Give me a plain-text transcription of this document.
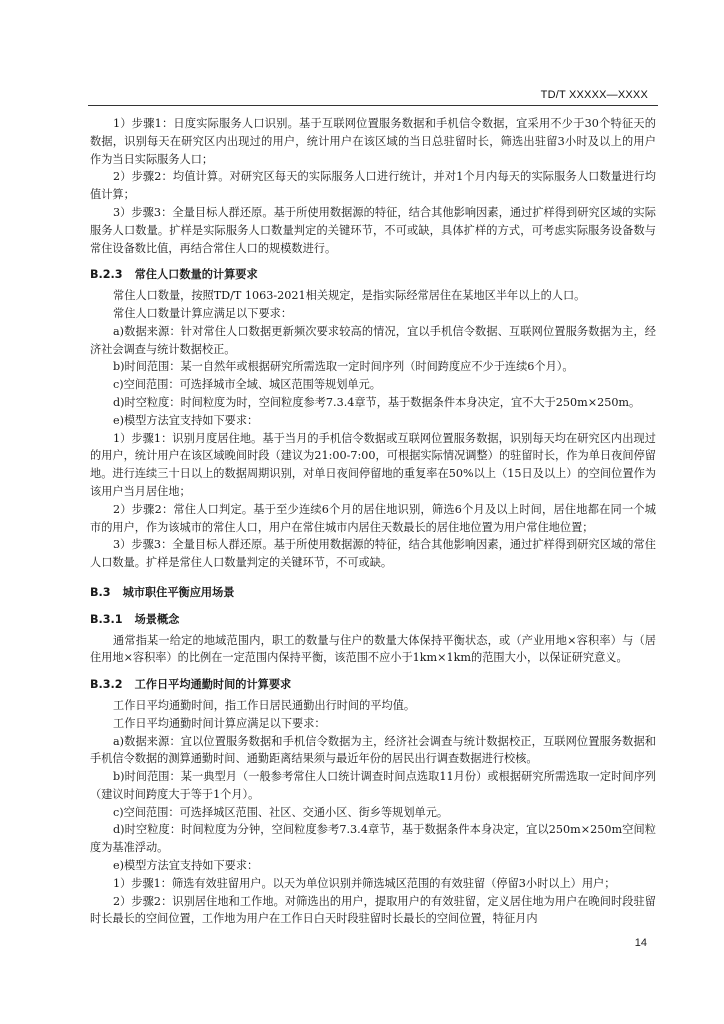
TD/T XXXXX—XXXX

1）步骤1：日度实际服务人口识别。基于互联网位置服务数据和手机信令数据，宜采用不少于30个特征天的数据，识别每天在研究区内出现过的用户，统计用户在该区域的当日总驻留时长，筛选出驻留3小时及以上的用户作为当日实际服务人口；

2）步骤2：均值计算。对研究区每天的实际服务人口进行统计，并对1个月内每天的实际服务人口数量进行均值计算；

3）步骤3：全量目标人群还原。基于所使用数据源的特征，结合其他影响因素，通过扩样得到研究区域的实际服务人口数量。扩样是实际服务人口数量判定的关键环节，不可或缺，具体扩样的方式，可考虑实际服务设备数与常住设备数比值，再结合常住人口的规模数进行。

B.2.3 常住人口数量的计算要求

常住人口数量，按照TD/T 1063-2021相关规定，是指实际经常居住在某地区半年以上的人口。

常住人口数量计算应满足以下要求：

a)数据来源：针对常住人口数据更新频次要求较高的情况，宜以手机信令数据、互联网位置服务数据为主，经济社会调查与统计数据校正。

b)时间范围：某一自然年或根据研究所需选取一定时间序列（时间跨度应不少于连续6个月）。

c)空间范围：可选择城市全域、城区范围等规划单元。

d)时空粒度：时间粒度为时，空间粒度参考7.3.4章节，基于数据条件本身决定，宜不大于250m×250m。

e)模型方法宜支持如下要求：

1）步骤1：识别月度居住地。基于当月的手机信令数据或互联网位置服务数据，识别每天均在研究区内出现过的用户，统计用户在该区域晚间时段（建议为21:00-7:00，可根据实际情况调整）的驻留时长，作为单日夜间停留地。进行连续三十日以上的数据周期识别，对单日夜间停留地的重复率在50%以上（15日及以上）的空间位置作为该用户当月居住地；

2）步骤2：常住人口判定。基于至少连续6个月的居住地识别，筛选6个月及以上时间，居住地都在同一个城市的用户，作为该城市的常住人口，用户在常住城市内居住天数最长的居住地位置为用户常住地位置；

3）步骤3：全量目标人群还原。基于所使用数据源的特征，结合其他影响因素，通过扩样得到研究区域的常住人口数量。扩样是常住人口数量判定的关键环节，不可或缺。

B.3 城市职住平衡应用场景
B.3.1 场景概念

通常指某一给定的地域范围内，职工的数量与住户的数量大体保持平衡状态，或（产业用地×容积率）与（居住用地×容积率）的比例在一定范围内保持平衡，该范围不应小于1km×1km的范围大小，以保证研究意义。

B.3.2 工作日平均通勤时间的计算要求

工作日平均通勤时间，指工作日居民通勤出行时间的平均值。

工作日平均通勤时间计算应满足以下要求：

a)数据来源：宜以位置服务数据和手机信令数据为主，经济社会调查与统计数据校正，互联网位置服务数据和手机信令数据的测算通勤时间、通勤距离结果须与最近年份的居民出行调查数据进行校核。

b)时间范围：某一典型月（一般参考常住人口统计调查时间点选取11月份）或根据研究所需选取一定时间序列（建议时间跨度大于等于1个月）。

c)空间范围：可选择城区范围、社区、交通小区、街乡等规划单元。

d)时空粒度：时间粒度为分钟，空间粒度参考7.3.4章节，基于数据条件本身决定，宜以250m×250m空间粒度为基准浮动。

e)模型方法宜支持如下要求：

1）步骤1：筛选有效驻留用户。以天为单位识别并筛选城区范围的有效驻留（停留3小时以上）用户；

2）步骤2：识别居住地和工作地。对筛选出的用户，提取用户的有效驻留，定义居住地为用户在晚间时段驻留时长最长的空间位置，工作地为用户在工作日白天时段驻留时长最长的空间位置，特征月内

14
